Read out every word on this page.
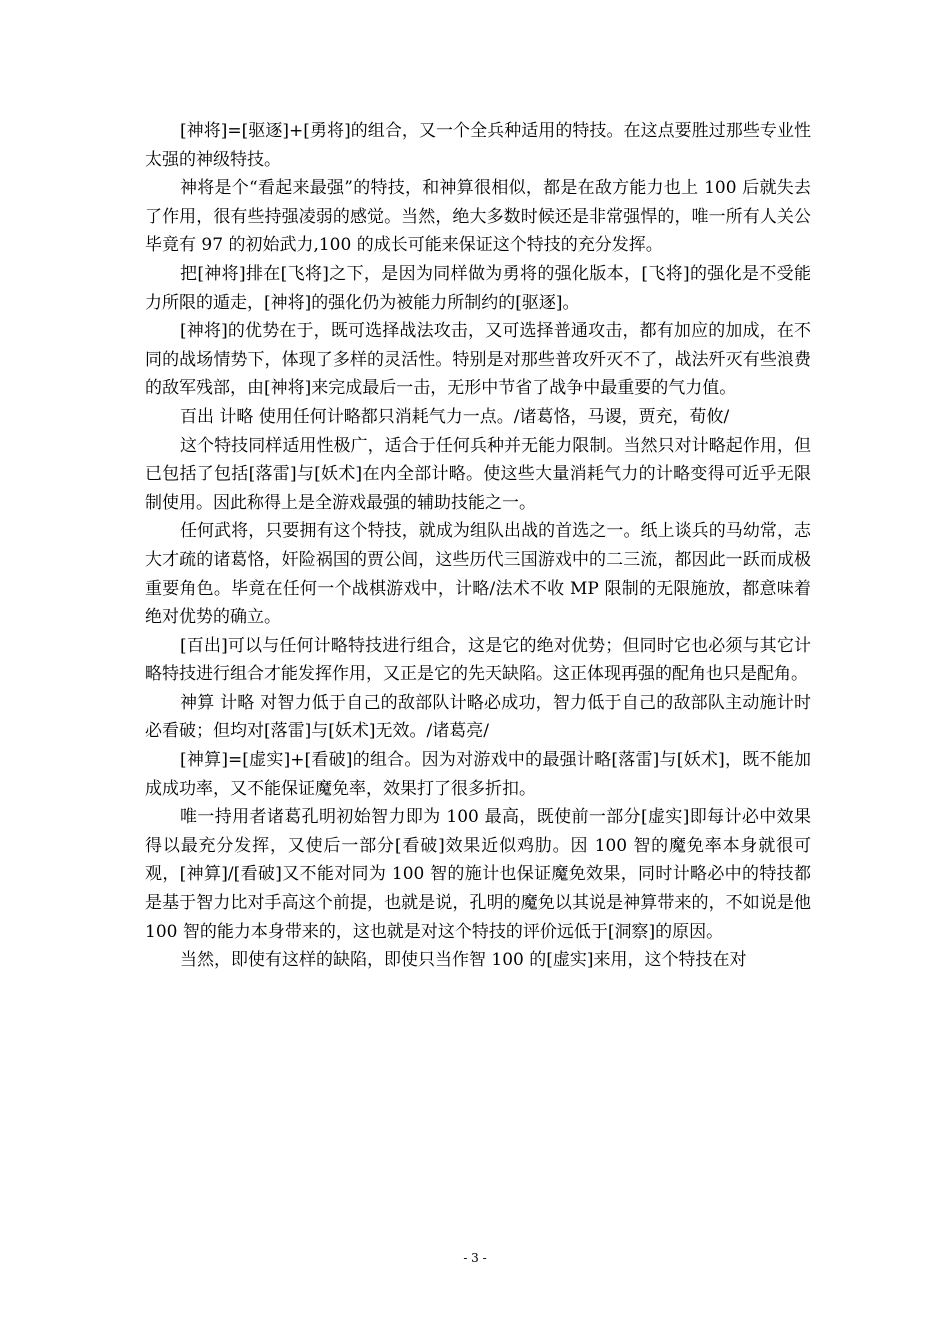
[神将]=[驱逐]+[勇将]的组合，又一个全兵种适用的特技。在这点要胜过那些专业性太强的神级特技。

神将是个“看起来最强”的特技，和神算很相似，都是在敌方能力也上 100 后就失去了作用，很有些持强凌弱的感觉。当然，绝大多数时候还是非常强悍的，唯一所有人关公毕竟有 97 的初始武力,100 的成长可能来保证这个特技的充分发挥。

把[神将]排在[飞将]之下，是因为同样做为勇将的强化版本，[飞将]的强化是不受能力所限的遁走，[神将]的强化仍为被能力所制约的[驱逐]。

[神将]的优势在于，既可选择战法攻击，又可选择普通攻击，都有加应的加成，在不同的战场情势下，体现了多样的灵活性。特别是对那些普攻歼灭不了，战法歼灭有些浪费的敌军残部，由[神将]来完成最后一击，无形中节省了战争中最重要的气力值。

百出 计略 使用任何计略都只消耗气力一点。/诸葛恪，马谡，贾充，荀攸/

这个特技同样适用性极广，适合于任何兵种并无能力限制。当然只对计略起作用，但已包括了包括[落雷]与[妖术]在内全部计略。使这些大量消耗气力的计略变得可近乎无限制使用。因此称得上是全游戏最强的辅助技能之一。

任何武将，只要拥有这个特技，就成为组队出战的首选之一。纸上谈兵的马幼常，志大才疏的诸葛恪，奸险祸国的贾公闾，这些历代三国游戏中的二三流，都因此一跃而成极重要角色。毕竟在任何一个战棋游戏中，计略/法术不收 MP 限制的无限施放，都意味着绝对优势的确立。

[百出]可以与任何计略特技进行组合，这是它的绝对优势；但同时它也必须与其它计略特技进行组合才能发挥作用，又正是它的先天缺陷。这正体现再强的配角也只是配角。

神算 计略 对智力低于自己的敌部队计略必成功，智力低于自己的敌部队主动施计时必看破；但均对[落雷]与[妖术]无效。/诸葛亮/

[神算]=[虚实]+[看破]的组合。因为对游戏中的最强计略[落雷]与[妖术]，既不能加成成功率，又不能保证魔免率，效果打了很多折扣。

唯一持用者诸葛孔明初始智力即为 100 最高，既使前一部分[虚实]即每计必中效果得以最充分发挥，又使后一部分[看破]效果近似鸡肋。因 100 智的魔免率本身就很可观，[神算]/[看破]又不能对同为 100 智的施计也保证魔免效果，同时计略必中的特技都是基于智力比对手高这个前提，也就是说，孔明的魔免以其说是神算带来的，不如说是他 100 智的能力本身带来的，这也就是对这个特技的评价远低于[洞察]的原因。

当然，即使有这样的缺陷，即使只当作智 100 的[虚实]来用，这个特技在对

- 3 -
